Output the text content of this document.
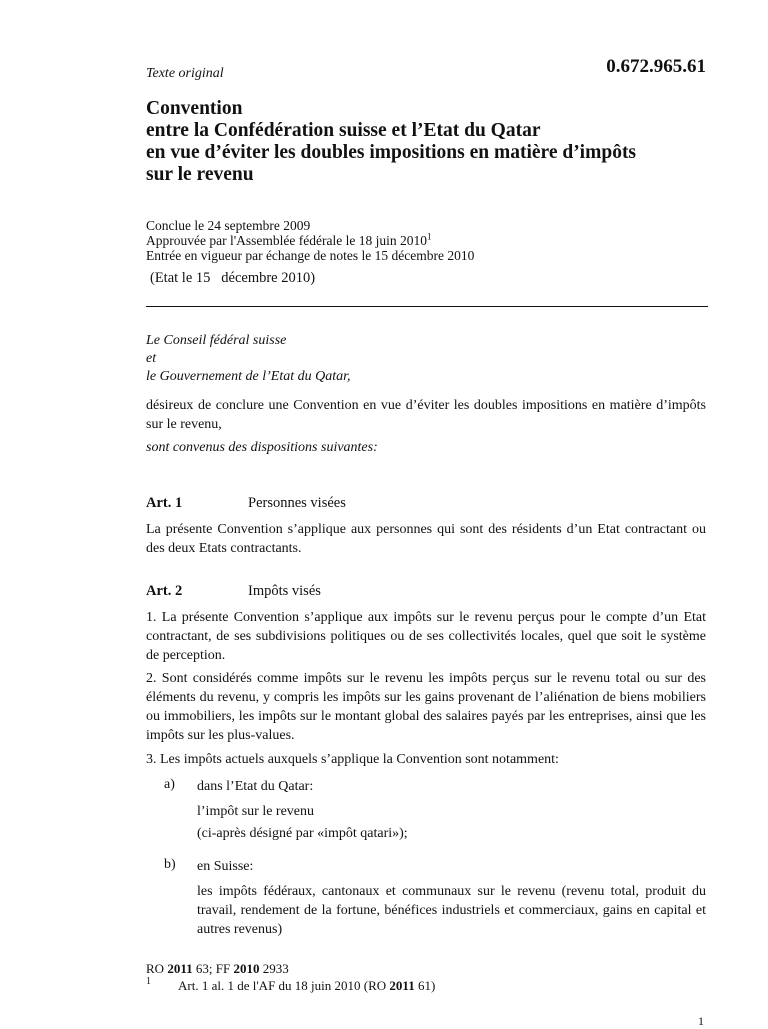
0.672.965.61
Texte original
Convention
entre la Confédération suisse et l’Etat du Qatar
en vue d’éviter les doubles impositions en matière d’impôts
sur le revenu
Conclue le 24 septembre 2009
Approuvée par l'Assemblée fédérale le 18 juin 2010$^1$
Entrée en vigueur par échange de notes le 15 décembre 2010
(Etat le 15   décembre 2010)
Le Conseil fédéral suisse
et
le Gouvernement de l’Etat du Qatar,
désireux de conclure une Convention en vue d’éviter les doubles impositions en matière d’impôts sur le revenu,
sont convenus des dispositions suivantes:
Art. 1	Personnes visées
La présente Convention s’applique aux personnes qui sont des résidents d’un Etat contractant ou des deux Etats contractants.
Art. 2	Impôts visés
1. La présente Convention s’applique aux impôts sur le revenu perçus pour le compte d’un Etat contractant, de ses subdivisions politiques ou de ses collectivités locales, quel que soit le système de perception.
2. Sont considérés comme impôts sur le revenu les impôts perçus sur le revenu total ou sur des éléments du revenu, y compris les impôts sur les gains provenant de l’aliénation de biens mobiliers ou immobiliers, les impôts sur le montant global des salaires payés par les entreprises, ainsi que les impôts sur les plus-values.
3. Les impôts actuels auxquels s’applique la Convention sont notamment:
a) dans l’Etat du Qatar:
l’impôt sur le revenu
(ci-après désigné par «impôt qatari»);
b) en Suisse:
les impôts fédéraux, cantonaux et communaux sur le revenu (revenu total, produit du travail, rendement de la fortune, bénéfices industriels et commerciaux, gains en capital et autres revenus)
RO 2011 63; FF 2010 2933
1 Art. 1 al. 1 de l'AF du 18 juin 2010 (RO 2011 61)
1
